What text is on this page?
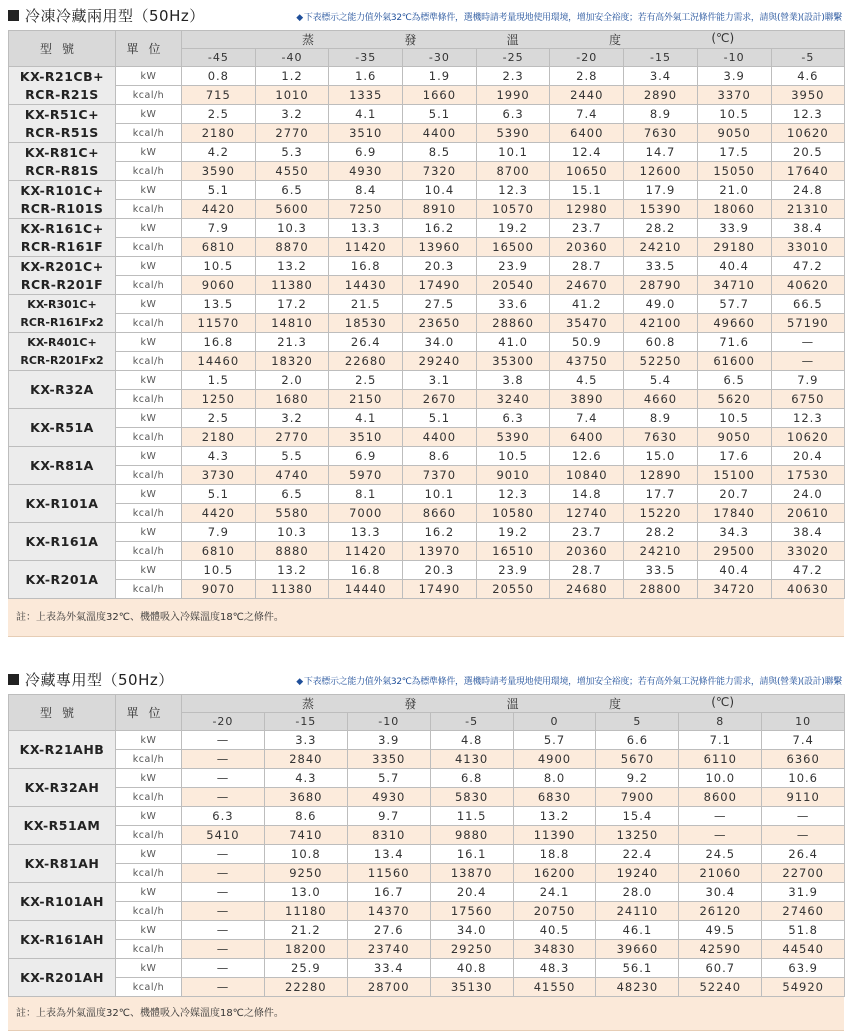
冷凍冷藏兩用型（50Hz）	◆下表標示之能力值外氣32℃為標準條件，選機時請考量現地使用環境，增加安全裕度；若有高外氣工況條件能力需求，請與(營業)(設計)聯繫
型號	單位	蒸 發 溫 度 (℃)								

		-45	-40	-35	-30	-25	-20	-15	-10	-5

KX-R21CB+
RCR-R21S	kW	0.8	1.2	1.6	1.9	2.3	2.8	3.4	3.9	4.6
	kcal/h	715	1010	1335	1660	1990	2440	2890	3370	3950

KX-R51C+
RCR-R51S	kW	2.5	3.2	4.1	5.1	6.3	7.4	8.9	10.5	12.3
	kcal/h	2180	2770	3510	4400	5390	6400	7630	9050	10620

KX-R81C+
RCR-R81S	kW	4.2	5.3	6.9	8.5	10.1	12.4	14.7	17.5	20.5
	kcal/h	3590	4550	4930	7320	8700	10650	12600	15050	17640

KX-R101C+
RCR-R101S	kW	5.1	6.5	8.4	10.4	12.3	15.1	17.9	21.0	24.8
	kcal/h	4420	5600	7250	8910	10570	12980	15390	18060	21310

KX-R161C+
RCR-R161F	kW	7.9	10.3	13.3	16.2	19.2	23.7	28.2	33.9	38.4
	kcal/h	6810	8870	11420	13960	16500	20360	24210	29180	33010

KX-R201C+
RCR-R201F	kW	10.5	13.2	16.8	20.3	23.9	28.7	33.5	40.4	47.2
	kcal/h	9060	11380	14430	17490	20540	24670	28790	34710	40620

KX-R301C+
RCR-R161Fx2	kW	13.5	17.2	21.5	27.5	33.6	41.2	49.0	57.7	66.5
	kcal/h	11570	14810	18530	23650	28860	35470	42100	49660	57190

KX-R401C+
RCR-R201Fx2	kW	16.8	21.3	26.4	34.0	41.0	50.9	60.8	71.6	—
	kcal/h	14460	18320	22680	29240	35300	43750	52250	61600	—

KX-R32A	kW	1.5	2.0	2.5	3.1	3.8	4.5	5.4	6.5	7.9
	kcal/h	1250	1680	2150	2670	3240	3890	4660	5620	6750

KX-R51A	kW	2.5	3.2	4.1	5.1	6.3	7.4	8.9	10.5	12.3
	kcal/h	2180	2770	3510	4400	5390	6400	7630	9050	10620

KX-R81A	kW	4.3	5.5	6.9	8.6	10.5	12.6	15.0	17.6	20.4
	kcal/h	3730	4740	5970	7370	9010	10840	12890	15100	17530

KX-R101A	kW	5.1	6.5	8.1	10.1	12.3	14.8	17.7	20.7	24.0
	kcal/h	4420	5580	7000	8660	10580	12740	15220	17840	20610

KX-R161A	kW	7.9	10.3	13.3	16.2	19.2	23.7	28.2	34.3	38.4
	kcal/h	6810	8880	11420	13970	16510	20360	24210	29500	33020

KX-R201A	kW	10.5	13.2	16.8	20.3	23.9	28.7	33.5	40.4	47.2
	kcal/h	9070	11380	14440	17490	20550	24680	28800	34720	40630
註：上表為外氣溫度32℃、機體吸入冷媒溫度18℃之條件。
冷藏專用型（50Hz）	◆下表標示之能力值外氣32℃為標準條件，選機時請考量現地使用環境，增加安全裕度；若有高外氣工況條件能力需求，請與(營業)(設計)聯繫
型號	單位	蒸 發 溫 度 (℃)							

		-20	-15	-10	-5	0	5	8	10

KX-R21AHB	kW	—	3.3	3.9	4.8	5.7	6.6	7.1	7.4
	kcal/h	—	2840	3350	4130	4900	5670	6110	6360

KX-R32AH	kW	—	4.3	5.7	6.8	8.0	9.2	10.0	10.6
	kcal/h	—	3680	4930	5830	6830	7900	8600	9110

KX-R51AM	kW	6.3	8.6	9.7	11.5	13.2	15.4	—	—
	kcal/h	5410	7410	8310	9880	11390	13250	—	—

KX-R81AH	kW	—	10.8	13.4	16.1	18.8	22.4	24.5	26.4
	kcal/h	—	9250	11560	13870	16200	19240	21060	22700

KX-R101AH	kW	—	13.0	16.7	20.4	24.1	28.0	30.4	31.9
	kcal/h	—	11180	14370	17560	20750	24110	26120	27460

KX-R161AH	kW	—	21.2	27.6	34.0	40.5	46.1	49.5	51.8
	kcal/h	—	18200	23740	29250	34830	39660	42590	44540

KX-R201AH	kW	—	25.9	33.4	40.8	48.3	56.1	60.7	63.9
	kcal/h	—	22280	28700	35130	41550	48230	52240	54920
註：上表為外氣溫度32℃、機體吸入冷媒溫度18℃之條件。
